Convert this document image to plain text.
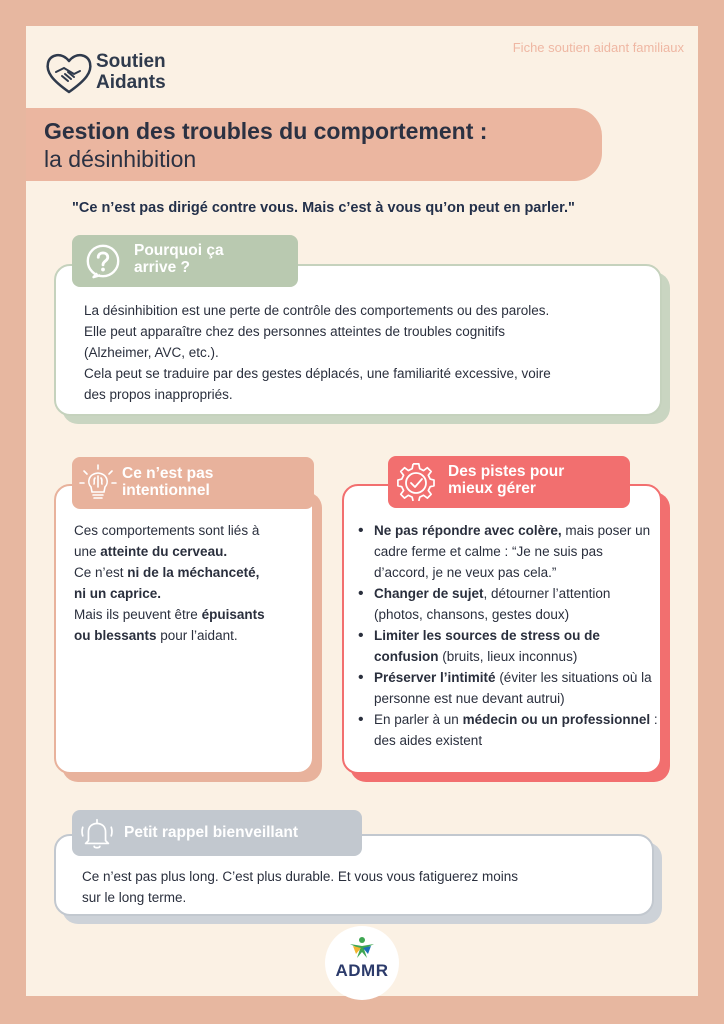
Soutien
Aidants
Fiche soutien aidant familiaux
Gestion des troubles du comportement :
la désinhibition
"Ce n’est pas dirigé contre vous. Mais c’est à vous qu’on peut en parler."
La désinhibition est une perte de contrôle des comportements ou des paroles.
Elle peut apparaître chez des personnes atteintes de troubles cognitifs
(Alzheimer, AVC, etc.).
Cela peut se traduire par des gestes déplacés, une familiarité excessive, voire
des propos inappropriés.
Pourquoi ça
arrive ?
Ces comportements sont liés à
une atteinte du cerveau.
Ce n’est ni de la méchanceté,
ni un caprice.
Mais ils peuvent être épuisants
ou blessants pour l’aidant.
Ce n’est pas
intentionnel
• Ne pas répondre avec colère, mais poser un cadre ferme et calme : “Je ne suis pas d’accord, je ne veux pas cela.”
• Changer de sujet, détourner l’attention (photos, chansons, gestes doux)
• Limiter les sources de stress ou de confusion (bruits, lieux inconnus)
• Préserver l’intimité (éviter les situations où la personne est nue devant autrui)
• En parler à un médecin ou un professionnel : des aides existent
Des pistes pour
mieux gérer
Ce n’est pas plus long. C’est plus durable. Et vous vous fatiguerez moins
sur le long terme.
Petit rappel bienveillant
ADMR
